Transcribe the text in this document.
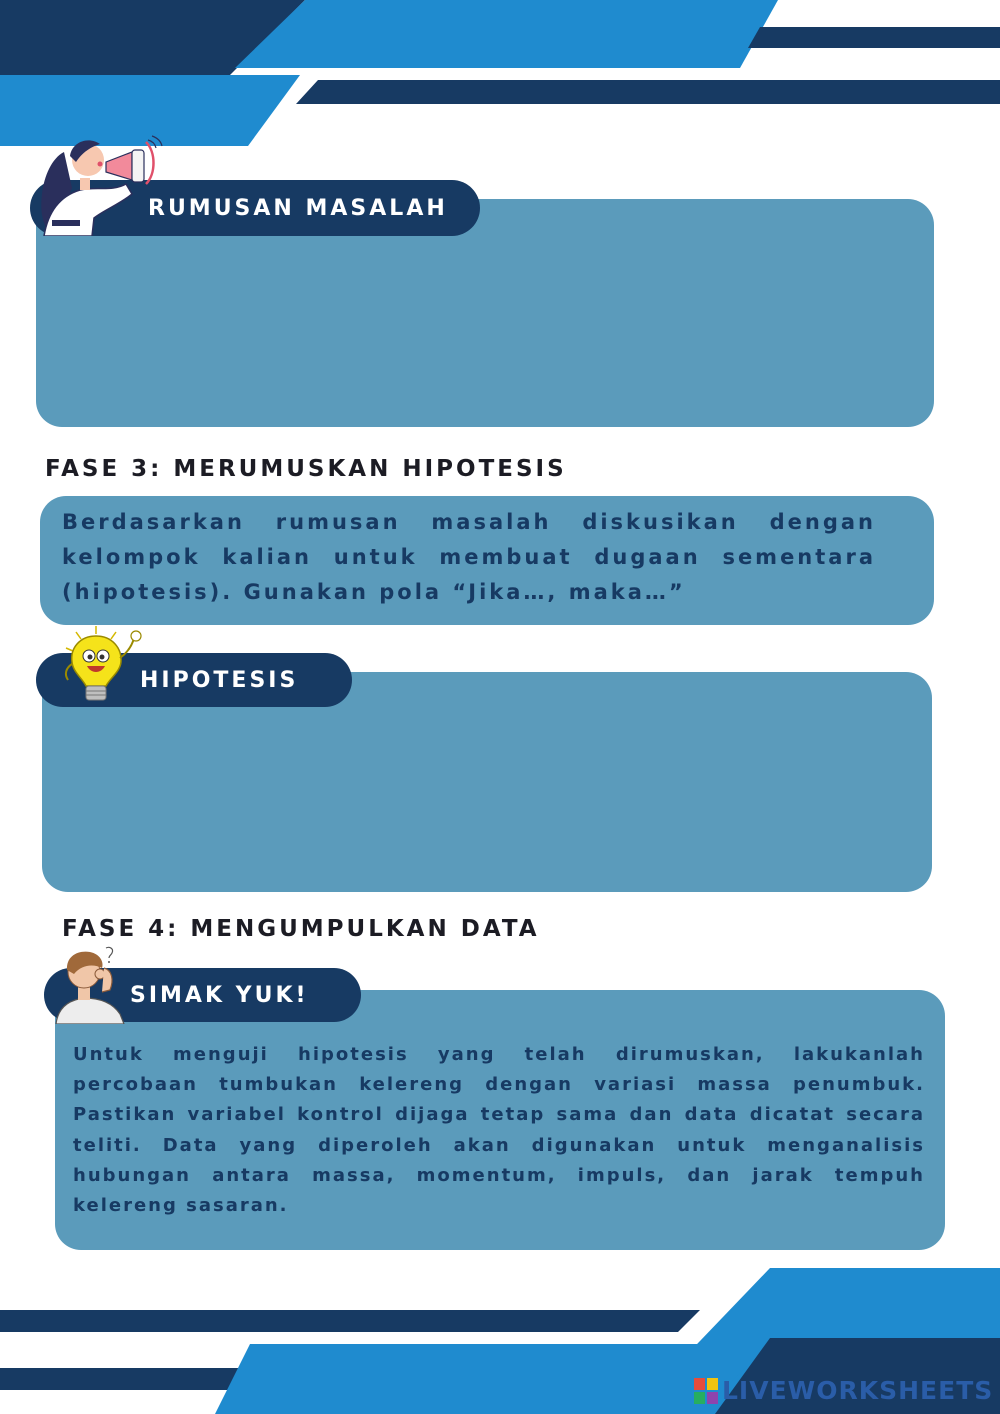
RUMUSAN MASALAH
FASE 3: MERUMUSKAN HIPOTESIS
Berdasarkan rumusan masalah diskusikan dengan kelompok kalian untuk membuat dugaan sementara (hipotesis). Gunakan pola “Jika…, maka…”
HIPOTESIS
FASE 4: MENGUMPULKAN DATA
SIMAK YUK!
Untuk menguji hipotesis yang telah dirumuskan, lakukanlah percobaan tumbukan kelereng dengan variasi massa penumbuk. Pastikan variabel kontrol dijaga tetap sama dan data dicatat secara teliti. Data yang diperoleh akan digunakan untuk menganalisis hubungan antara massa, momentum, impuls, dan jarak tempuh kelereng sasaran.
LIVEWORKSHEETS
